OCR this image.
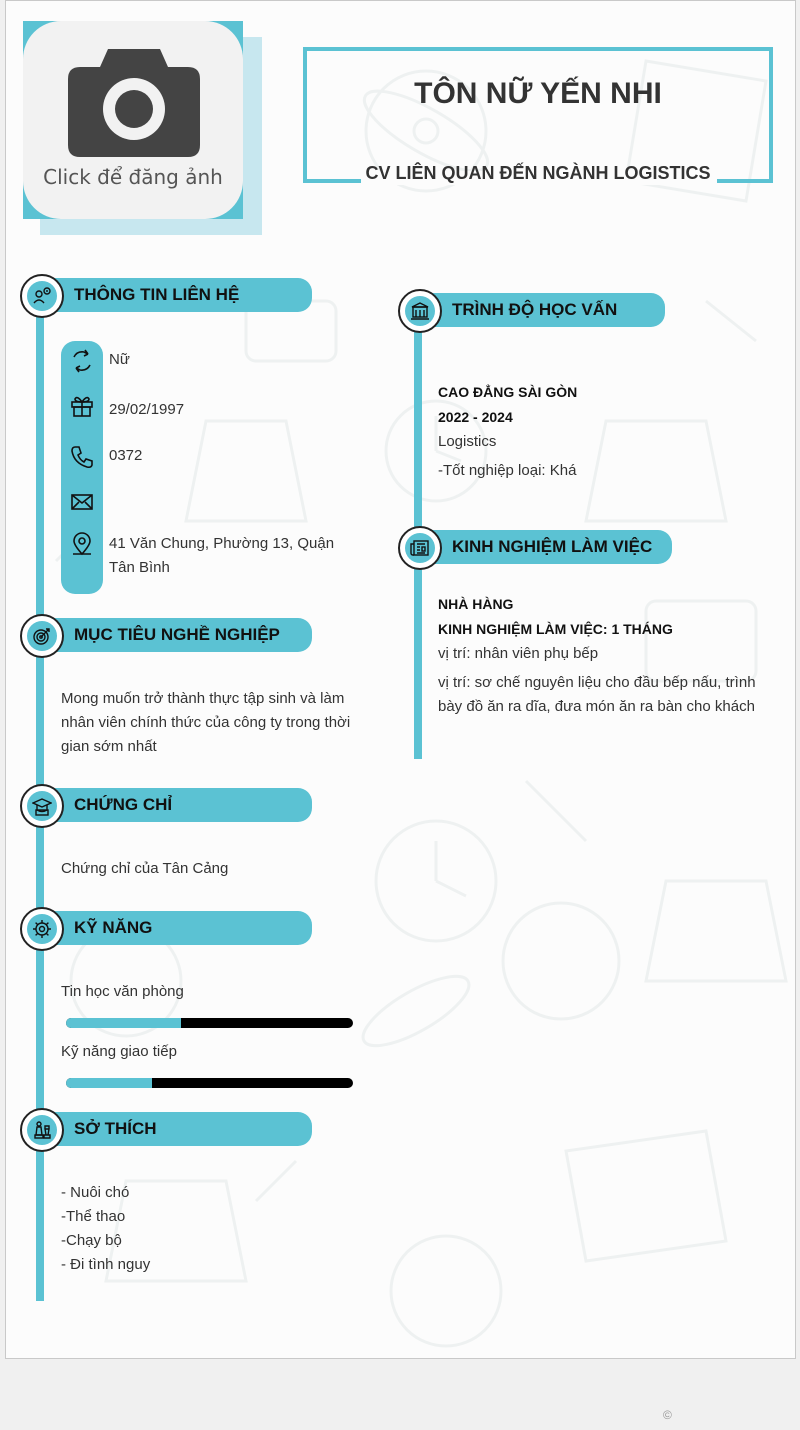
Click để đăng ảnh
TÔN NỮ YẾN NHI
CV LIÊN QUAN ĐẾN NGÀNH LOGISTICS
THÔNG TIN LIÊN HỆ
Nữ
29/02/1997
0372
41 Văn Chung, Phường 13, Quận Tân Bình
MỤC TIÊU NGHỀ NGHIỆP
Mong muốn trở thành thực tập sinh và làm nhân viên chính thức của công ty trong thời gian sớm nhất
CHỨNG CHỈ
Chứng chỉ của Tân Cảng
KỸ NĂNG
Tin học văn phòng
Kỹ năng giao tiếp
SỞ THÍCH
- Nuôi chó
-Thể thao
-Chạy bộ
- Đi tình nguy
TRÌNH ĐỘ HỌC VẤN
CAO ĐẲNG SÀI GÒN
2022 - 2024
Logistics
-Tốt nghiệp loại: Khá
KINH NGHIỆM LÀM VIỆC
NHÀ HÀNG
KINH NGHIỆM LÀM VIỆC: 1 THÁNG
vị trí: nhân viên phụ bếp
vị trí: sơ chế nguyên liệu cho đầu bếp nấu, trình bày đồ ăn ra dĩa, đưa món ăn ra bàn cho khách
©
